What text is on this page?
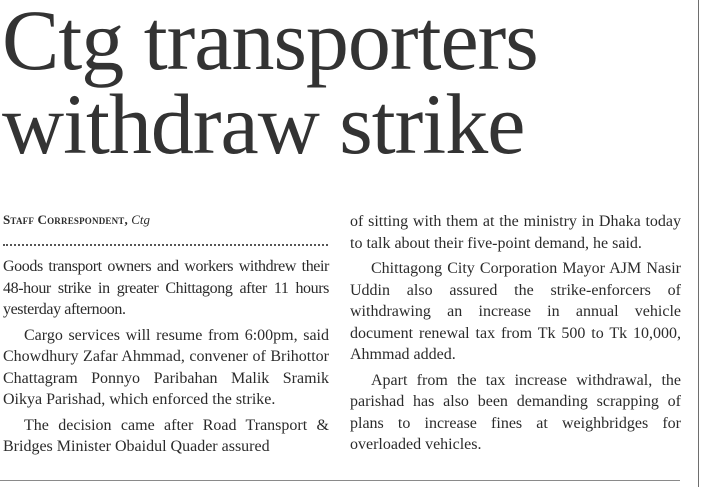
Ctg transporters
withdraw strike
Staff Correspondent, Ctg

Goods transport owners and workers withdrew their 48-hour strike in greater Chittagong after 11 hours yesterday afternoon.

Cargo services will resume from 6:00pm, said Chowdhury Zafar Ahmmad, convener of Brihottor Chattagram Ponnyo Paribahan Malik Sramik Oikya Parishad, which enforced the strike.

The decision came after Road Transport & Bridges Minister Obaidul Quader assured

of sitting with them at the ministry in Dhaka today to talk about their five-point demand, he said.

Chittagong City Corporation Mayor AJM Nasir Uddin also assured the strike-enforcers of withdrawing an increase in annual vehicle document renewal tax from Tk 500 to Tk 10,000, Ahmmad added.

Apart from the tax increase withdrawal, the parishad has also been demanding scrapping of plans to increase fines at weighbridges for overloaded vehicles.
